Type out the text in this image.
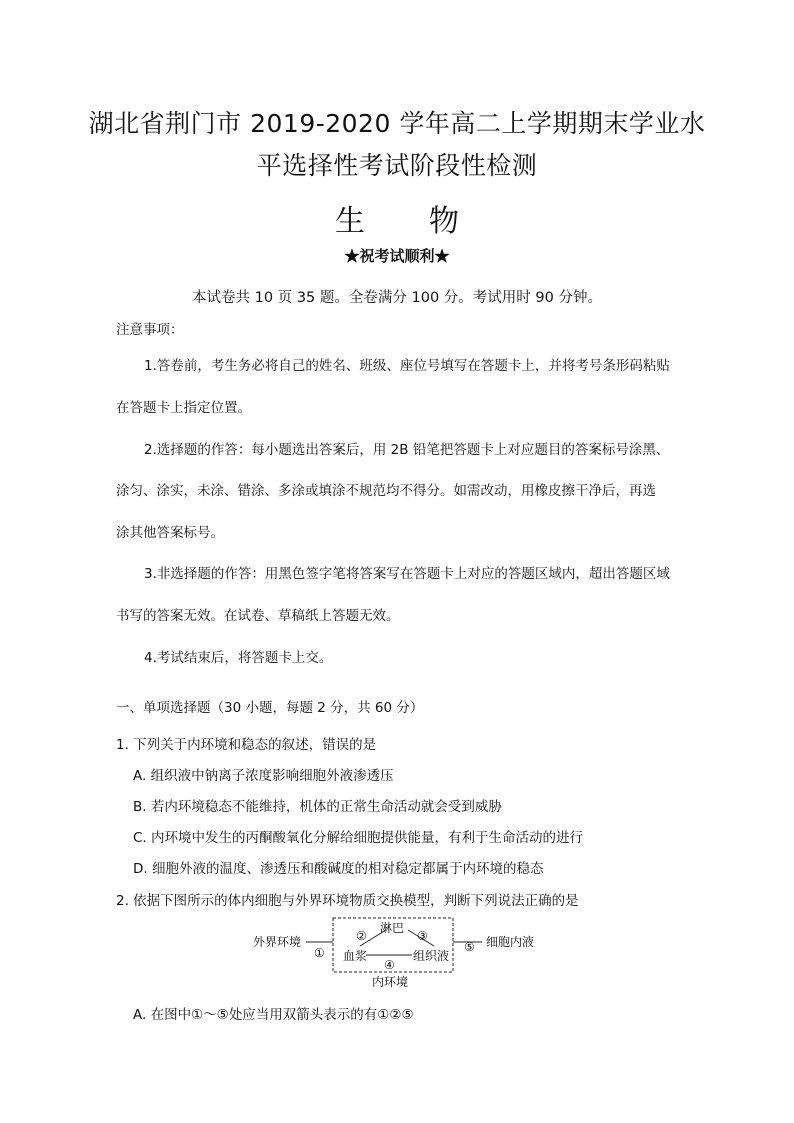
湖北省荆门市 2019-2020 学年高二上学期期末学业水
平选择性考试阶段性检测
生 物
★祝考试顺利★
本试卷共 10 页 35 题。全卷满分 100 分。考试用时 90 分钟。
注意事项：
1.答卷前，考生务必将自己的姓名、班级、座位号填写在答题卡上，并将考号条形码粘贴
在答题卡上指定位置。
2.选择题的作答：每小题选出答案后，用 2B 铅笔把答题卡上对应题目的答案标号涂黑、
涂匀、涂实，未涂、错涂、多涂或填涂不规范均不得分。如需改动，用橡皮擦干净后，再选
涂其他答案标号。
3.非选择题的作答：用黑色签字笔将答案写在答题卡上对应的答题区域内，超出答题区域
书写的答案无效。在试卷、草稿纸上答题无效。
4.考试结束后，将答题卡上交。
一、单项选择题（30 小题，每题 2 分，共 60 分）
1. 下列关于内环境和稳态的叙述，错误的是
A. 组织液中钠离子浓度影响细胞外液渗透压
B. 若内环境稳态不能维持，机体的正常生命活动就会受到威胁
C. 内环境中发生的丙酮酸氧化分解给细胞提供能量，有利于生命活动的进行
D. 细胞外液的温度、渗透压和酸碱度的相对稳定都属于内环境的稳态
2. 依据下图所示的体内细胞与外界环境物质交换模型，判断下列说法正确的是
外界环境
淋巴
血浆	组织液
细胞内液
内环境
①
②	③
④
⑤
A. 在图中①～⑤处应当用双箭头表示的有①②⑤
